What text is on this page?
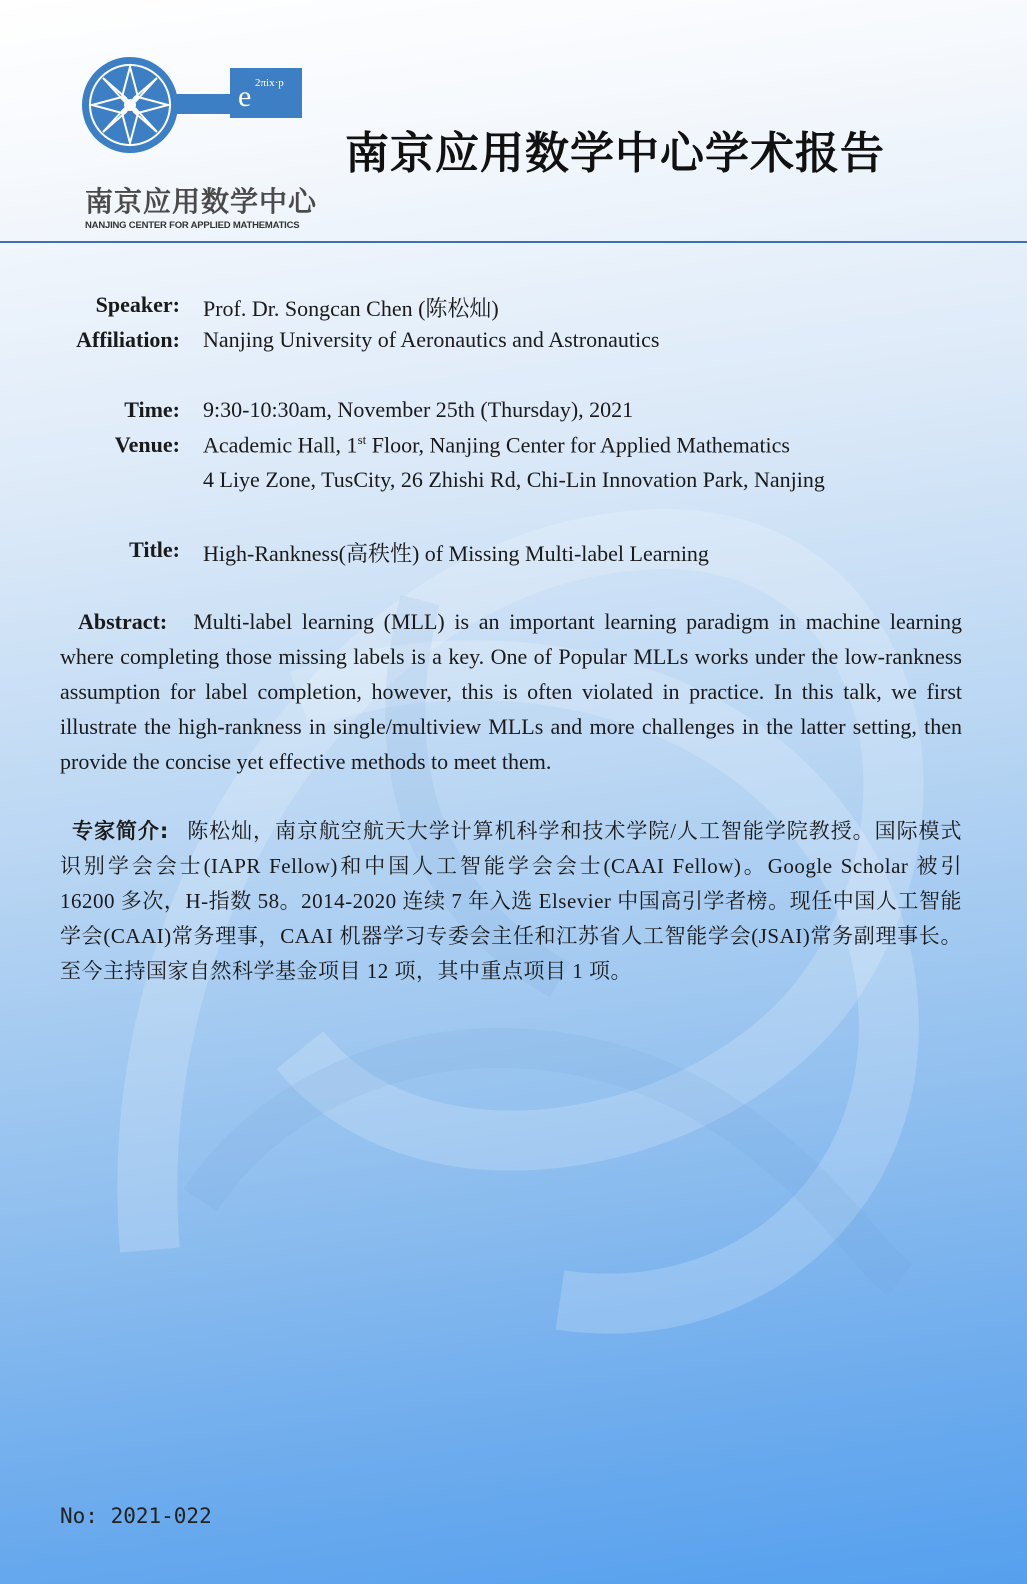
e 2πix·p
南京应用数学中心
NANJING CENTER FOR APPLIED MATHEMATICS
南京应用数学中心学术报告
Speaker: Prof. Dr. Songcan Chen (陈松灿)
Affiliation: Nanjing University of Aeronautics and Astronautics
Time: 9:30-10:30am, November 25th (Thursday), 2021
Venue: Academic Hall, 1st Floor, Nanjing Center for Applied Mathematics
4 Liye Zone, TusCity, 26 Zhishi Rd, Chi-Lin Innovation Park, Nanjing
Title: High-Rankness(高秩性) of Missing Multi-label Learning
Abstract: Multi-label learning (MLL) is an important learning paradigm in machine learning where completing those missing labels is a key. One of Popular MLLs works under the low-rankness assumption for label completion, however, this is often violated in practice. In this talk, we first illustrate the high-rankness in single/multiview MLLs and more challenges in the latter setting, then provide the concise yet effective methods to meet them.
专家简介: 陈松灿，南京航空航天大学计算机科学和技术学院/人工智能学院教授。国际模式识别学会会士(IAPR Fellow)和中国人工智能学会会士(CAAI Fellow)。Google Scholar 被引 16200 多次，H-指数 58。2014-2020 连续 7 年入选 Elsevier 中国高引学者榜。现任中国人工智能学会(CAAI)常务理事，CAAI 机器学习专委会主任和江苏省人工智能学会(JSAI)常务副理事长。至今主持国家自然科学基金项目 12 项，其中重点项目 1 项。
No: 2021-022
